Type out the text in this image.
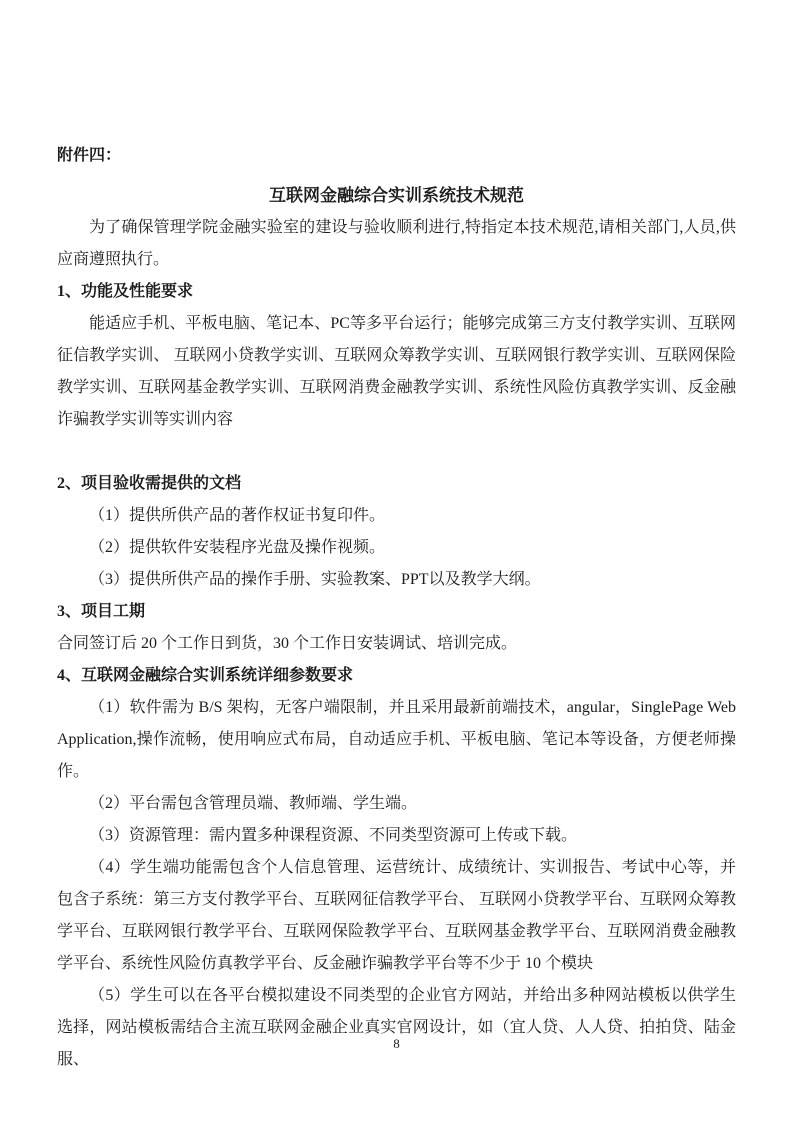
附件四：

互联网金融综合实训系统技术规范

为了确保管理学院金融实验室的建设与验收顺利进行,特指定本技术规范,请相关部门,人员,供应商遵照执行。

1、功能及性能要求

能适应手机、平板电脑、笔记本、PC等多平台运行；能够完成第三方支付教学实训、互联网征信教学实训、 互联网小贷教学实训、互联网众筹教学实训、互联网银行教学实训、互联网保险教学实训、互联网基金教学实训、互联网消费金融教学实训、系统性风险仿真教学实训、反金融诈骗教学实训等实训内容

2、项目验收需提供的文档

（1）提供所供产品的著作权证书复印件。

（2）提供软件安装程序光盘及操作视频。

（3）提供所供产品的操作手册、实验教案、PPT以及教学大纲。

3、项目工期

合同签订后 20 个工作日到货，30 个工作日安装调试、培训完成。

4、互联网金融综合实训系统详细参数要求

（1）软件需为 B/S 架构，无客户端限制，并且采用最新前端技术，angular，SinglePage Web Application,操作流畅，使用响应式布局，自动适应手机、平板电脑、笔记本等设备，方便老师操作。

（2）平台需包含管理员端、教师端、学生端。

（3）资源管理：需内置多种课程资源、不同类型资源可上传或下载。

（4）学生端功能需包含个人信息管理、运营统计、成绩统计、实训报告、考试中心等，并包含子系统：第三方支付教学平台、互联网征信教学平台、 互联网小贷教学平台、互联网众筹教学平台、互联网银行教学平台、互联网保险教学平台、互联网基金教学平台、互联网消费金融教学平台、系统性风险仿真教学平台、反金融诈骗教学平台等不少于 10 个模块

（5）学生可以在各平台模拟建设不同类型的企业官方网站，并给出多种网站模板以供学生选择，网站模板需结合主流互联网金融企业真实官网设计，如（宜人贷、人人贷、拍拍贷、陆金服、

8
